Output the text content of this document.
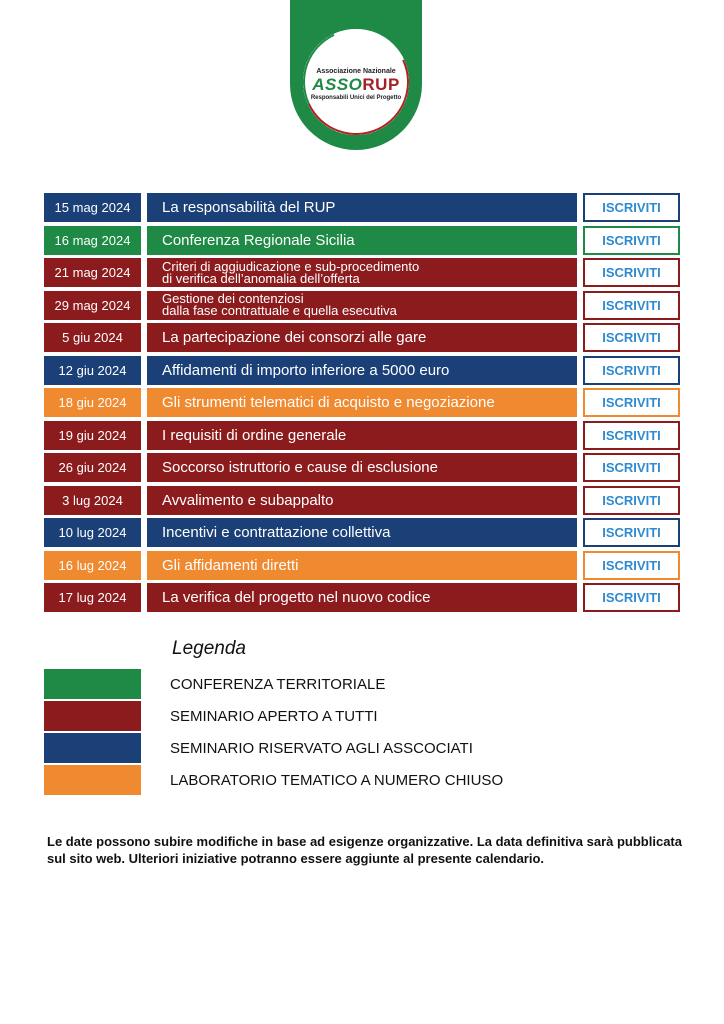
Associazione Nazionale
ASSORUP
Responsabili Unici del Progetto
15 mag 2024	La responsabilità del RUP	ISCRIVITI
16 mag 2024	Conferenza Regionale Sicilia	ISCRIVITI
21 mag 2024	Criteri di aggiudicazione e sub-procedimento
di verifica dell’anomalia dell’offerta	ISCRIVITI
29 mag 2024	Gestione dei contenziosi
dalla fase contrattuale e quella esecutiva	ISCRIVITI
5 giu 2024	La partecipazione dei consorzi alle gare	ISCRIVITI
12 giu 2024	Affidamenti di importo inferiore a 5000 euro	ISCRIVITI
18 giu 2024	Gli strumenti telematici di acquisto e negoziazione	ISCRIVITI
19 giu 2024	I requisiti di ordine generale	ISCRIVITI
26 giu 2024	Soccorso istruttorio e cause di esclusione	ISCRIVITI
3 lug 2024	Avvalimento e subappalto	ISCRIVITI
10 lug 2024	Incentivi e contrattazione collettiva	ISCRIVITI
16 lug 2024	Gli affidamenti diretti	ISCRIVITI
17 lug 2024	La verifica del progetto nel nuovo codice	ISCRIVITI
Legenda
CONFERENZA TERRITORIALE
SEMINARIO APERTO A TUTTI
SEMINARIO RISERVATO AGLI ASSCOCIATI
LABORATORIO TEMATICO A NUMERO CHIUSO
Le date possono subire modifiche in base ad esigenze organizzative. La data definitiva sarà pubblicata sul sito web. Ulteriori iniziative potranno essere aggiunte al presente calendario.
